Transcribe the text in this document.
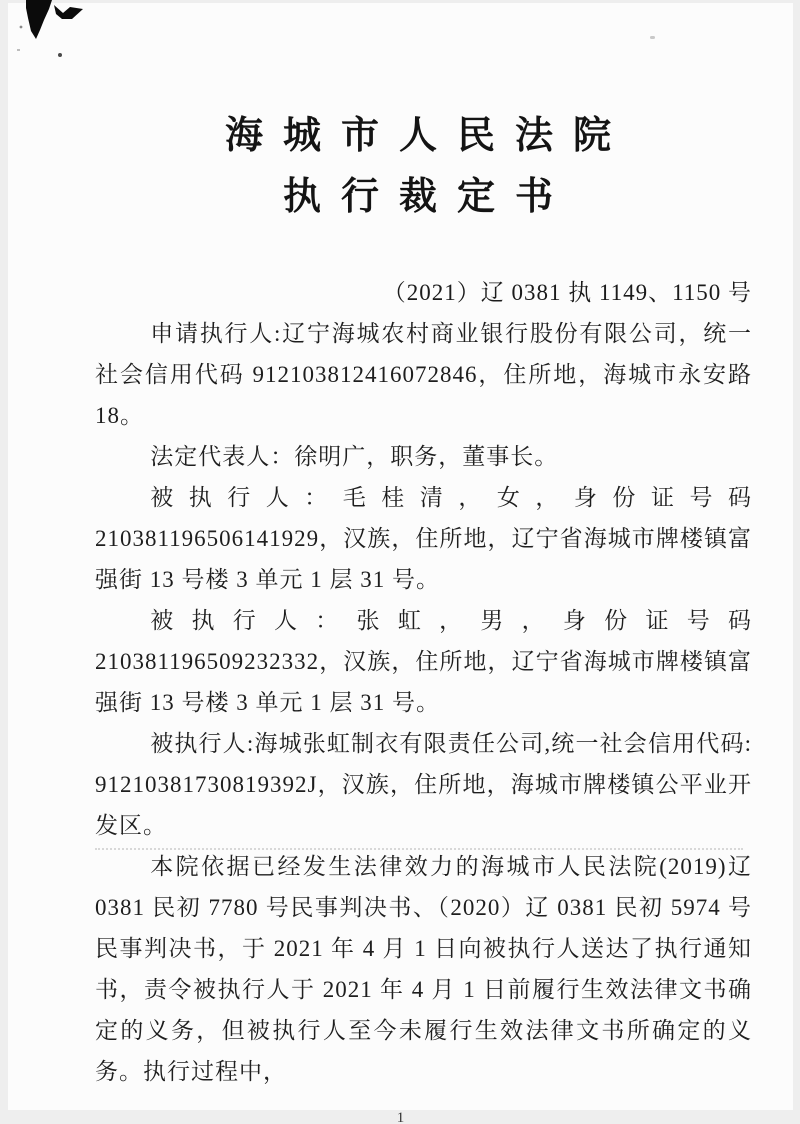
海城市人民法院
执行裁定书
（2021）辽 0381 执 1149、1150 号

申请执行人:辽宁海城农村商业银行股份有限公司，统一社会信用代码 912103812416072846，住所地，海城市永安路 18。

法定代表人：徐明广，职务，董事长。

被执行人：毛桂清，女，身份证号码 210381196506141929，汉族，住所地，辽宁省海城市牌楼镇富强街 13 号楼 3 单元 1 层 31 号。

被执行人：张虹，男，身份证号码 210381196509232332，汉族，住所地，辽宁省海城市牌楼镇富强街 13 号楼 3 单元 1 层 31 号。

被执行人:海城张虹制衣有限责任公司,统一社会信用代码: 91210381730819392J，汉族，住所地，海城市牌楼镇公平业开发区。

本院依据已经发生法律效力的海城市人民法院(2019)辽 0381 民初 7780 号民事判决书、（2020）辽 0381 民初 5974 号民事判决书，于 2021 年 4 月 1 日向被执行人送达了执行通知书，责令被执行人于 2021 年 4 月 1 日前履行生效法律文书确定的义务，但被执行人至今未履行生效法律文书所确定的义务。执行过程中，

1
